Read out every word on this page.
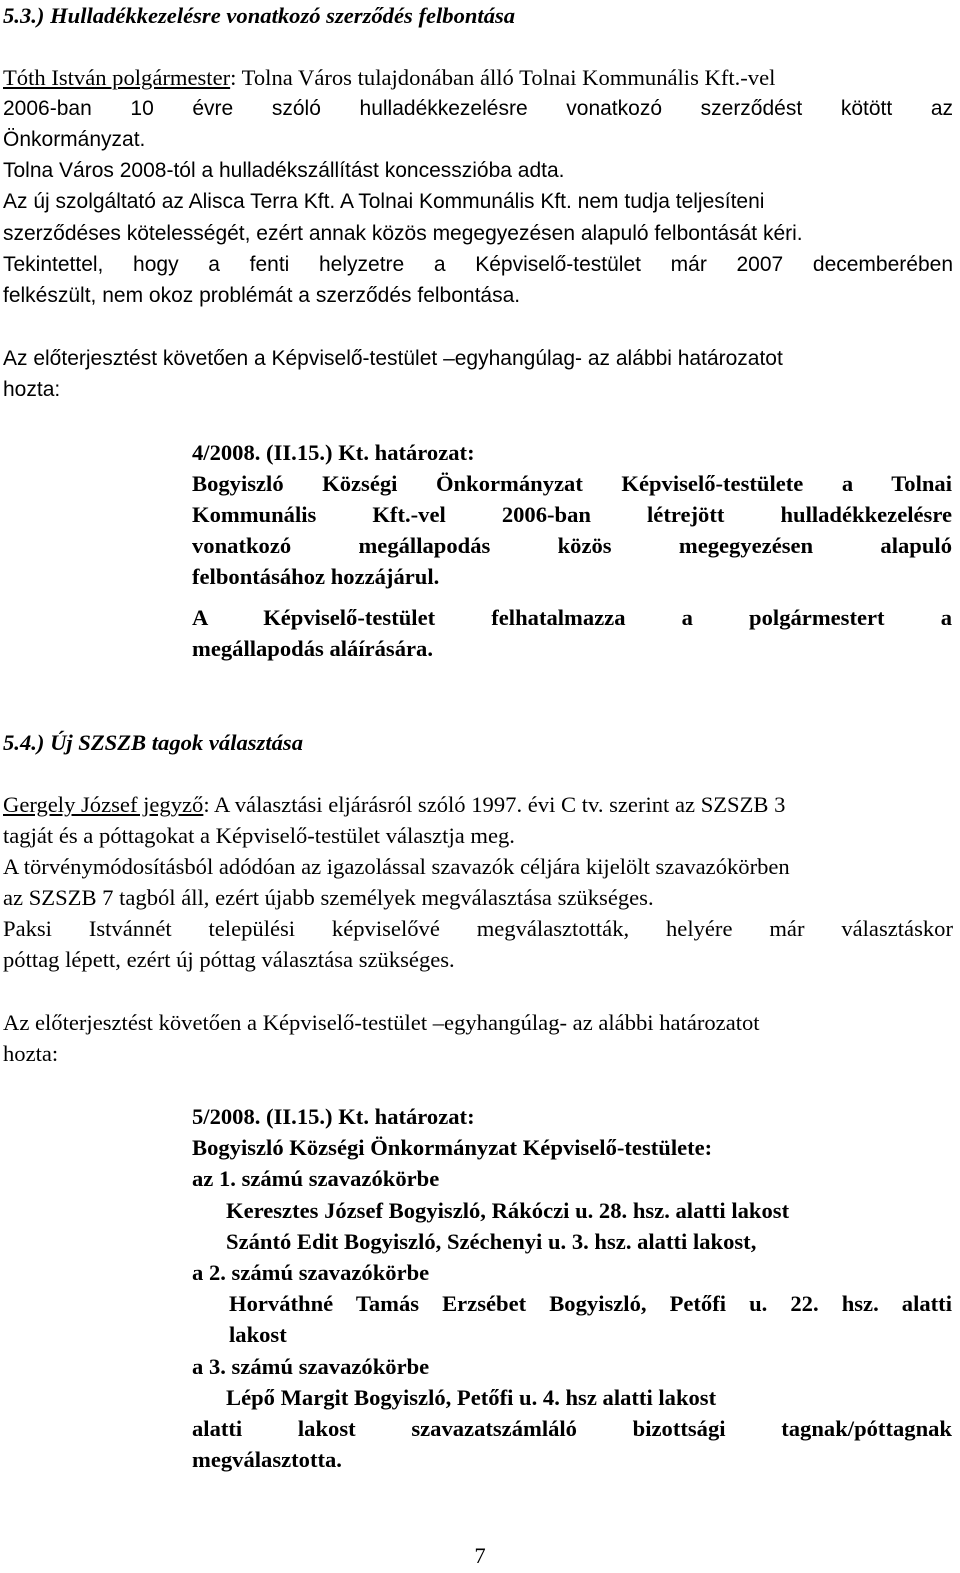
5.3.) Hulladékkezelésre vonatkozó szerződés felbontása
Tóth István polgármester: Tolna Város tulajdonában álló Tolnai Kommunális Kft.-vel
2006-ban 10 évre szóló hulladékkezelésre vonatkozó szerződést kötött az
Önkormányzat.
Tolna Város 2008-tól a hulladékszállítást koncesszióba adta.
Az új szolgáltató az Alisca Terra Kft. A Tolnai Kommunális Kft. nem tudja teljesíteni
szerződéses kötelességét, ezért annak közös megegyezésen alapuló felbontását kéri.
Tekintettel, hogy a fenti helyzetre a Képviselő-testület már 2007 decemberében
felkészült, nem okoz problémát a szerződés felbontása.
Az előterjesztést követően a Képviselő-testület –egyhangúlag- az alábbi határozatot
hozta:
4/2008. (II.15.) Kt. határozat:
Bogyiszló Községi Önkormányzat Képviselő-testülete a Tolnai
Kommunális Kft.-vel 2006-ban létrejött hulladékkezelésre
vonatkozó megállapodás közös megegyezésen alapuló
felbontásához hozzájárul.
A Képviselő-testület felhatalmazza a polgármestert a
megállapodás aláírására.
5.4.) Új SZSZB tagok választása
Gergely József jegyző: A választási eljárásról szóló 1997. évi C tv. szerint az SZSZB 3
tagját és a póttagokat a Képviselő-testület választja meg.
A törvénymódosításból adódóan az igazolással szavazók céljára kijelölt szavazókörben
az SZSZB 7 tagból áll, ezért újabb személyek megválasztása szükséges.
Paksi Istvánnét települési képviselővé megválasztották, helyére már választáskor
póttag lépett, ezért új póttag választása szükséges.
Az előterjesztést követően a Képviselő-testület –egyhangúlag- az alábbi határozatot
hozta:
5/2008. (II.15.) Kt. határozat:
Bogyiszló Községi Önkormányzat Képviselő-testülete:
az 1. számú szavazókörbe
Keresztes József Bogyiszló, Rákóczi u. 28. hsz. alatti lakost
Szántó Edit Bogyiszló, Széchenyi u. 3. hsz. alatti lakost,
a 2. számú szavazókörbe
Horváthné Tamás Erzsébet Bogyiszló, Petőfi u. 22. hsz. alatti
lakost
a 3. számú szavazókörbe
Lépő Margit Bogyiszló, Petőfi u. 4. hsz alatti lakost
alatti lakost szavazatszámláló bizottsági tagnak/póttagnak
megválasztotta.
7
